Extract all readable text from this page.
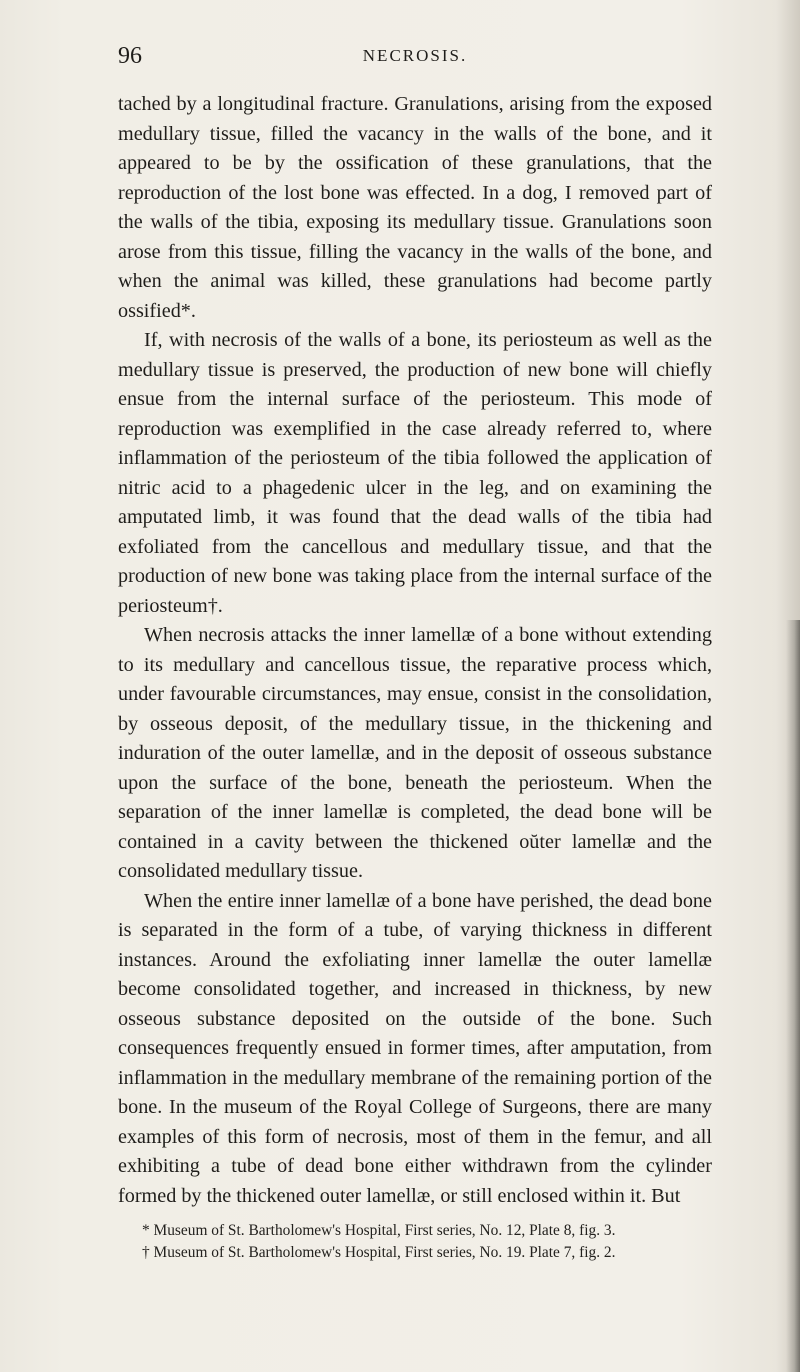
96	NECROSIS.

tached by a longitudinal fracture. Granulations, arising from the exposed medullary tissue, filled the vacancy in the walls of the bone, and it appeared to be by the ossification of these granulations, that the reproduction of the lost bone was effected. In a dog, I removed part of the walls of the tibia, exposing its medullary tissue. Granulations soon arose from this tissue, filling the vacancy in the walls of the bone, and when the animal was killed, these granulations had become partly ossified*.

If, with necrosis of the walls of a bone, its periosteum as well as the medullary tissue is preserved, the production of new bone will chiefly ensue from the internal surface of the periosteum. This mode of reproduction was exemplified in the case already referred to, where inflammation of the periosteum of the tibia followed the application of nitric acid to a phagedenic ulcer in the leg, and on examining the amputated limb, it was found that the dead walls of the tibia had exfoliated from the cancellous and medullary tissue, and that the production of new bone was taking place from the internal surface of the periosteum†.

When necrosis attacks the inner lamellæ of a bone without extending to its medullary and cancellous tissue, the reparative process which, under favourable circumstances, may ensue, consist in the consolidation, by osseous deposit, of the medullary tissue, in the thickening and induration of the outer lamellæ, and in the deposit of osseous substance upon the surface of the bone, beneath the periosteum. When the separation of the inner lamellæ is completed, the dead bone will be contained in a cavity between the thickened oŭter lamellæ and the consolidated medullary tissue.

When the entire inner lamellæ of a bone have perished, the dead bone is separated in the form of a tube, of varying thickness in different instances. Around the exfoliating inner lamellæ the outer lamellæ become consolidated together, and increased in thickness, by new osseous substance deposited on the outside of the bone. Such consequences frequently ensued in former times, after amputation, from inflammation in the medullary membrane of the remaining portion of the bone. In the museum of the Royal College of Surgeons, there are many examples of this form of necrosis, most of them in the femur, and all exhibiting a tube of dead bone either withdrawn from the cylinder formed by the thickened outer lamellæ, or still enclosed within it. But

* Museum of St. Bartholomew's Hospital, First series, No. 12, Plate 8, fig. 3.

† Museum of St. Bartholomew's Hospital, First series, No. 19. Plate 7, fig. 2.
